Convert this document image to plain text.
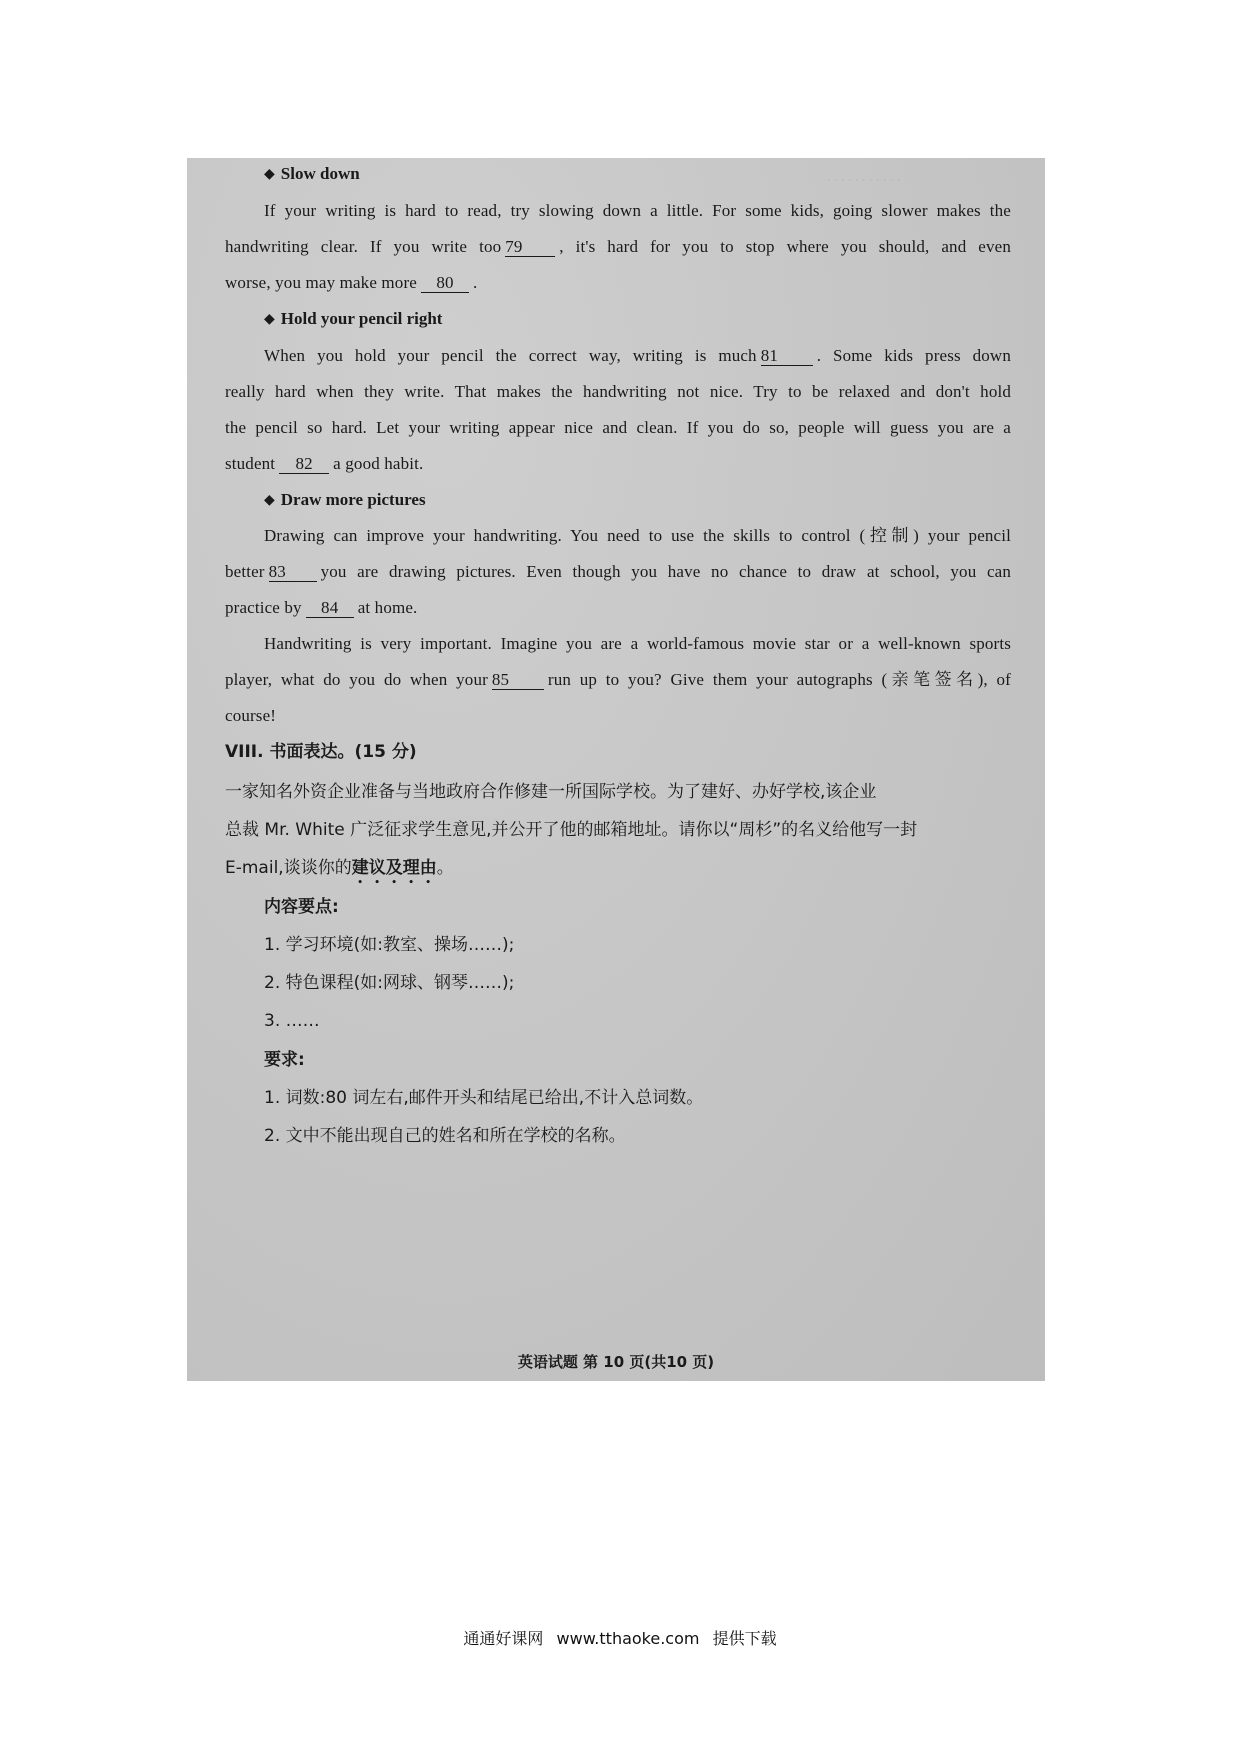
. . . . . . . . . . .
◆ Slow down
If your writing is hard to read, try slowing down a little. For some kids, going slower makes the
handwriting clear. If you write too 79 , it's hard for you to stop where you should, and even
worse, you may make more 80 .
◆ Hold your pencil right
When you hold your pencil the correct way, writing is much 81 . Some kids press down
really hard when they write. That makes the handwriting not nice. Try to be relaxed and don't hold
the pencil so hard. Let your writing appear nice and clean. If you do so, people will guess you are a
student 82 a good habit.
◆ Draw more pictures
Drawing can improve your handwriting. You need to use the skills to control (控制) your pencil
better 83 you are drawing pictures. Even though you have no chance to draw at school, you can
practice by 84 at home.
Handwriting is very important. Imagine you are a world-famous movie star or a well-known sports
player, what do you do when your 85 run up to you? Give them your autographs (亲笔签名), of
course!
VIII. 书面表达。(15 分)
一家知名外资企业准备与当地政府合作修建一所国际学校。为了建好、办好学校,该企业
总裁 Mr. White 广泛征求学生意见,并公开了他的邮箱地址。请你以“周杉”的名义给他写一封
E-mail,谈谈你的建议及理由。
内容要点:
1. 学习环境(如:教室、操场……);
2. 特色课程(如:网球、钢琴……);
3. ……
要求:
1. 词数:80 词左右,邮件开头和结尾已给出,不计入总词数。
2. 文中不能出现自己的姓名和所在学校的名称。
英语试题 第 10 页(共10 页)
通通好课网 www.tthaoke.com 提供下载
